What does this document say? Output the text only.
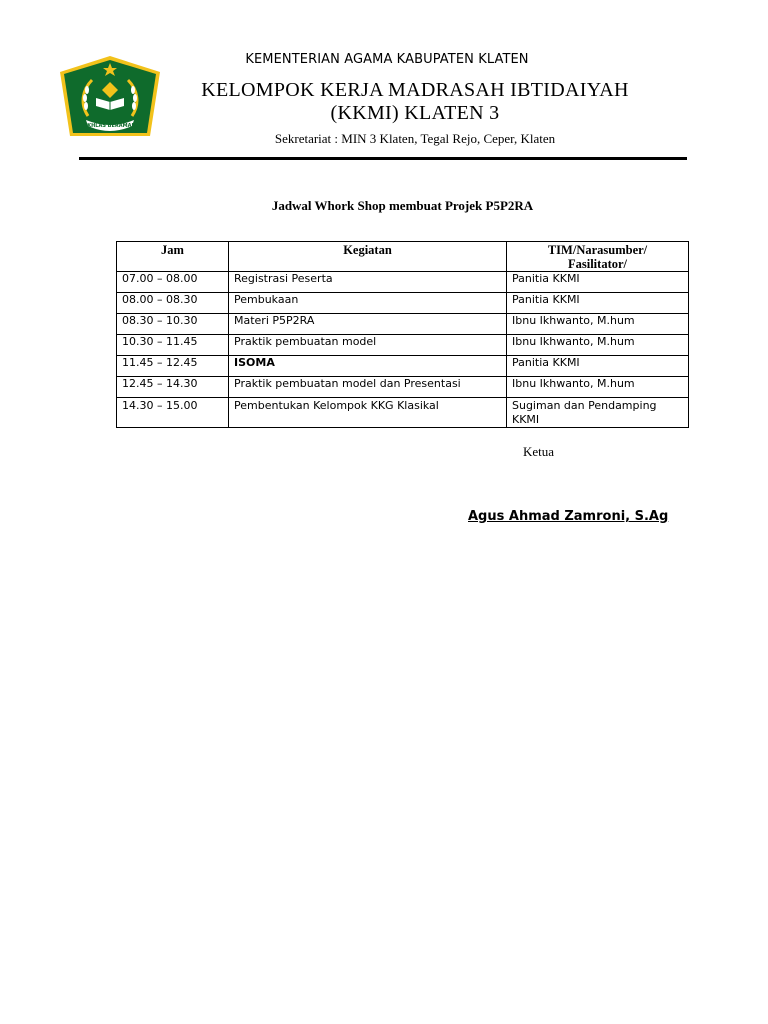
IKHLAS BERAMAL
KEMENTERIAN AGAMA KABUPATEN KLATEN
KELOMPOK KERJA MADRASAH IBTIDAIYAH
(KKMI) KLATEN 3
Sekretariat : MIN 3 Klaten, Tegal Rejo, Ceper, Klaten
Jadwal Whork Shop membuat Projek P5P2RA
Jam	Kegiatan	TIM/Narasumber/
Fasilitator/

07.00 – 08.00	Registrasi Peserta	Panitia KKMI
08.00 – 08.30	Pembukaan	Panitia KKMI
08.30 – 10.30	Materi P5P2RA	Ibnu Ikhwanto, M.hum
10.30 – 11.45	Praktik pembuatan model	Ibnu Ikhwanto, M.hum
11.45 – 12.45	ISOMA	Panitia KKMI
12.45 – 14.30	Praktik pembuatan model dan Presentasi	Ibnu Ikhwanto, M.hum
14.30 – 15.00	Pembentukan Kelompok KKG Klasikal	Sugiman dan Pendamping KKMI
Ketua
Agus Ahmad Zamroni, S.Ag
